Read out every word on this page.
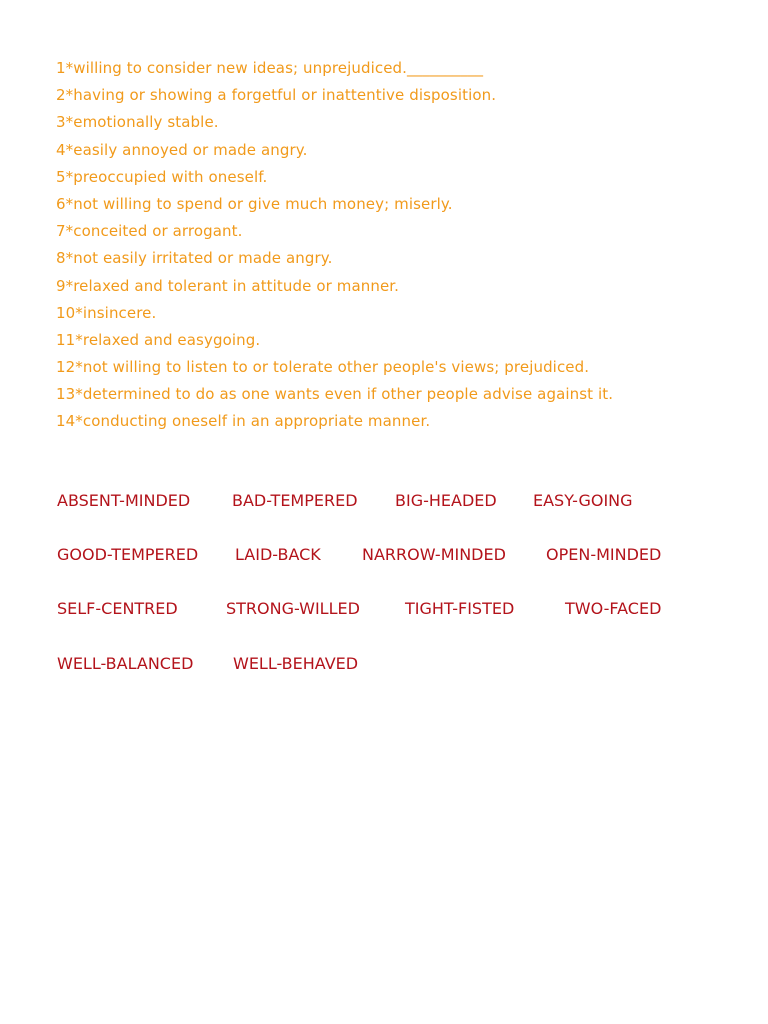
1*willing to consider new ideas; unprejudiced.__________
2*having or showing a forgetful or inattentive disposition.
3*emotionally stable.
4*easily annoyed or made angry.
5*preoccupied with oneself.
6*not willing to spend or give much money; miserly.
7*conceited or arrogant.
8*not easily irritated or made angry.
9*relaxed and tolerant in attitude or manner.
10*insincere.
11*relaxed and easygoing.
12*not willing to listen to or tolerate other people's views; prejudiced.
13*determined to do as one wants even if other people advise against it.
14*conducting oneself in an appropriate manner.
ABSENT-MINDED	BAD-TEMPERED BIG-HEADED EASY-GOING
GOOD-TEMPERED LAID-BACK	NARROW-MINDED	OPEN-MINDED
SELF-CENTRED	STRONG-WILLED	TIGHT-FISTED	TWO-FACED
WELL-BALANCED WELL-BEHAVED
